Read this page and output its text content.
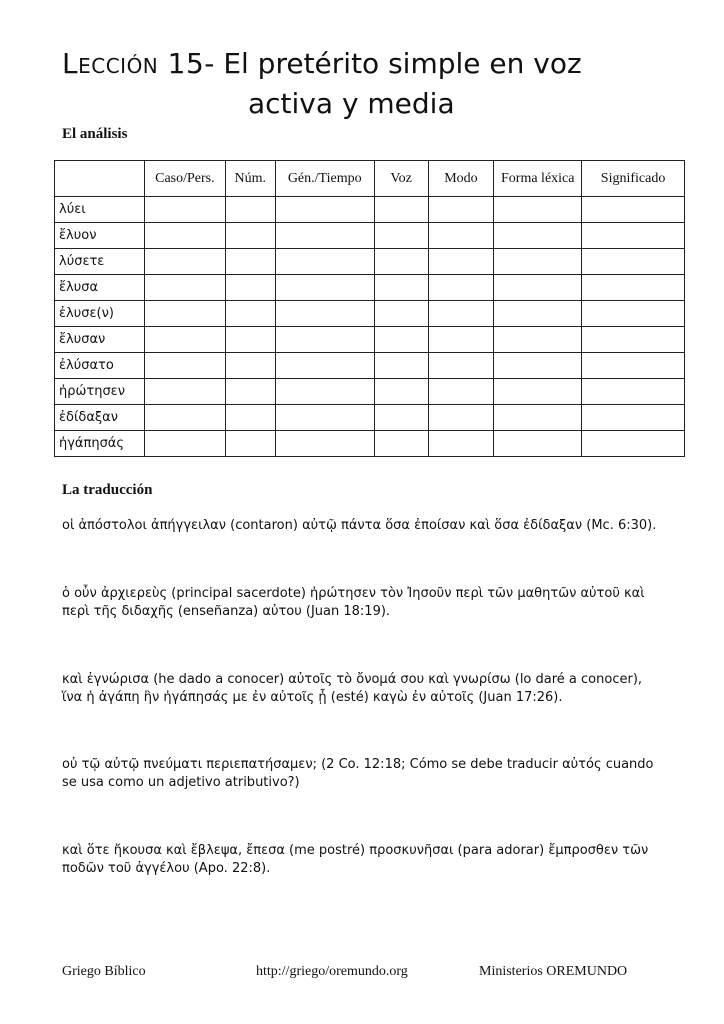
Lección 15- El pretérito simple en voz
activa y media
El análisis
	Caso/Pers.	Núm.	Gén./Tiempo	Voz	Modo	Forma léxica	Significado
λύει							
ἔλυον							
λύσετε							
ἔλυσα							
ἐλυσε(ν)							
ἔλυσαν							
ἐλύσατο							
ἠρώτησεν							
ἐδίδαξαν							
ἠγάπησάς							
La traducción
οἱ ἀπόστολοι ἀπήγγειλαν (contaron) αὐτῷ πάντα ὅσα ἐποίσαν καὶ ὅσα ἐδίδαξαν (Mc. 6:30).
ὁ οὖν ἀρχιερεὺς (principal sacerdote) ἠρώτησεν τὸν Ἰησοῦν περὶ τῶν μαθητῶν αὐτοῦ καὶ περὶ τῆς διδαχῆς (enseñanza) αὐτου (Juan 18:19).
καὶ ἐγνώρισα (he dado a conocer) αὐτοῖς τὸ ὄνομά σου καὶ γνωρίσω (lo daré a conocer), ἵνα ἡ ἀγάπη ἣν ἠγάπησάς με ἐν αὐτοῖς ᾖ (esté) καγὼ ἐν αὐτοῖς (Juan 17:26).
οὐ τῷ αὐτῷ πνεύματι περιεπατήσαμεν; (2 Co. 12:18; Cómo se debe traducir αὐτός cuando se usa como un adjetivo atributivo?)
καὶ ὅτε ἤκουσα καὶ ἔβλεψα, ἔπεσα (me postré) προσκυνῆσαι (para adorar) ἔμπροσθεν τῶν ποδῶν τοῦ ἀγγέλου (Apo. 22:8).
Griego Bíblico	http://griego/oremundo.org	Ministerios OREMUNDO
